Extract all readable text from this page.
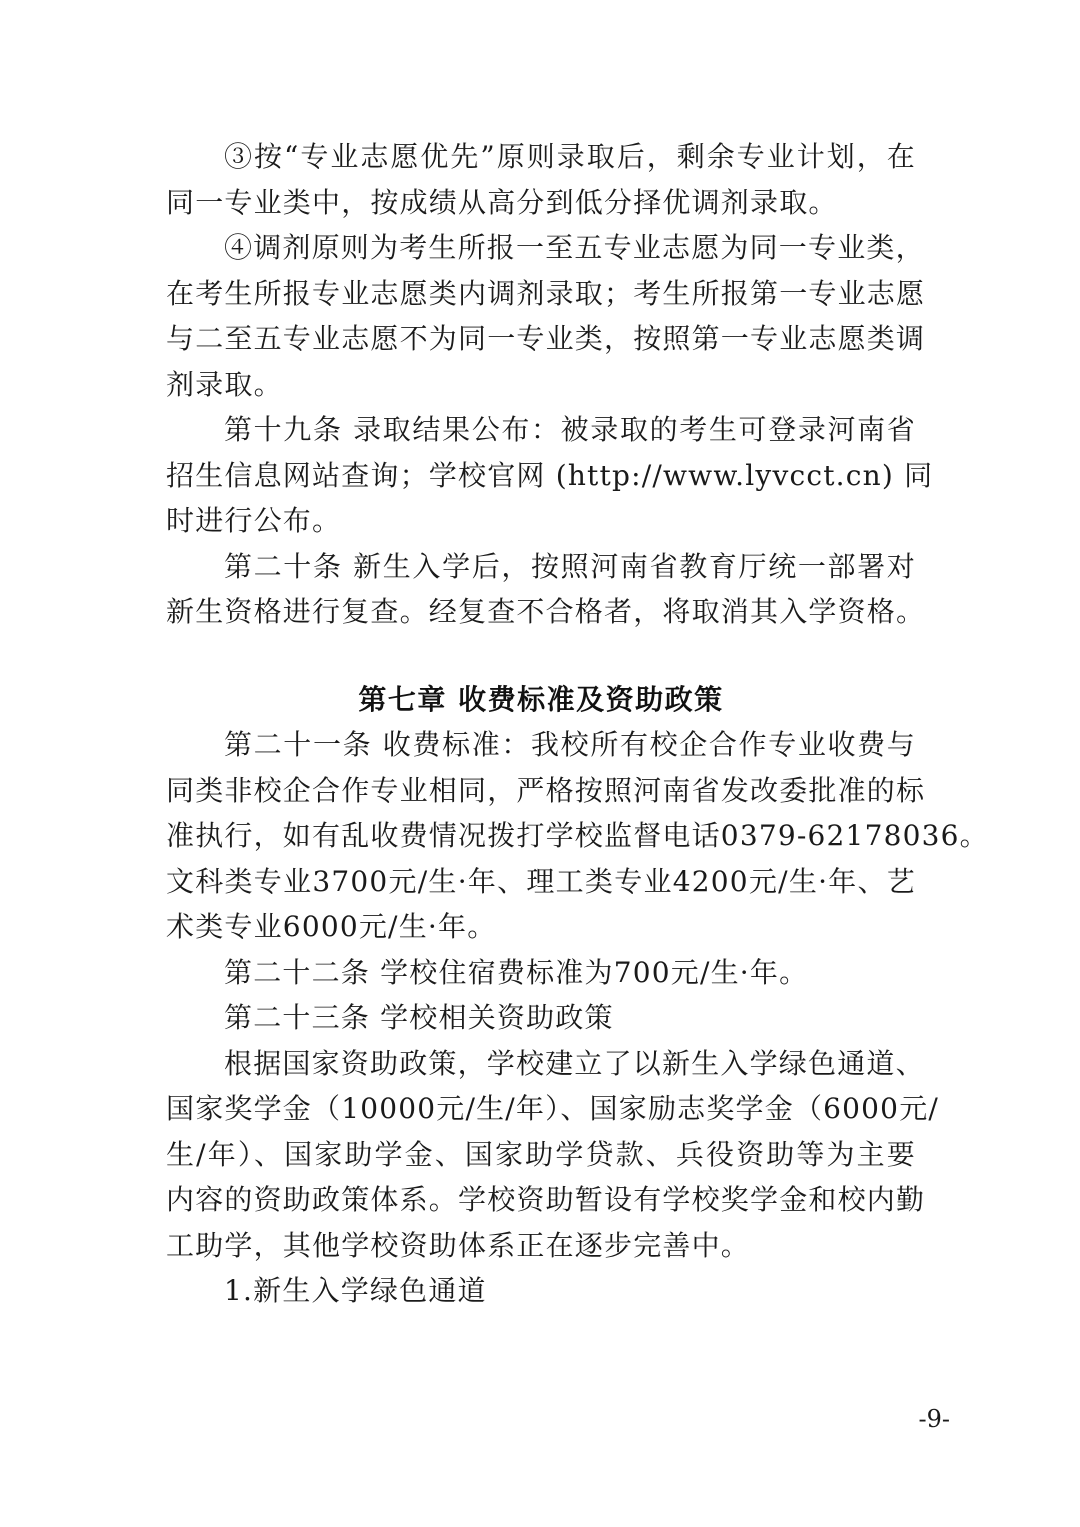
③按“专业志愿优先”原则录取后，剩余专业计划，在
同一专业类中，按成绩从高分到低分择优调剂录取。
④调剂原则为考生所报一至五专业志愿为同一专业类，
在考生所报专业志愿类内调剂录取；考生所报第一专业志愿
与二至五专业志愿不为同一专业类，按照第一专业志愿类调
剂录取。
第十九条 录取结果公布：被录取的考生可登录河南省
招生信息网站查询；学校官网 (http://www.lyvcct.cn) 同
时进行公布。
第二十条 新生入学后，按照河南省教育厅统一部署对
新生资格进行复查。经复查不合格者，将取消其入学资格。
第七章 收费标准及资助政策
第二十一条 收费标准：我校所有校企合作专业收费与
同类非校企合作专业相同，严格按照河南省发改委批准的标
准执行，如有乱收费情况拨打学校监督电话0379-62178036。
文科类专业3700元/生·年、理工类专业4200元/生·年、艺
术类专业6000元/生·年。
第二十二条 学校住宿费标准为700元/生·年。
第二十三条 学校相关资助政策
根据国家资助政策，学校建立了以新生入学绿色通道、
国家奖学金（10000元/生/年）、国家励志奖学金（6000元/
生/年）、国家助学金、国家助学贷款、兵役资助等为主要
内容的资助政策体系。学校资助暂设有学校奖学金和校内勤
工助学，其他学校资助体系正在逐步完善中。
1.新生入学绿色通道
-9-
